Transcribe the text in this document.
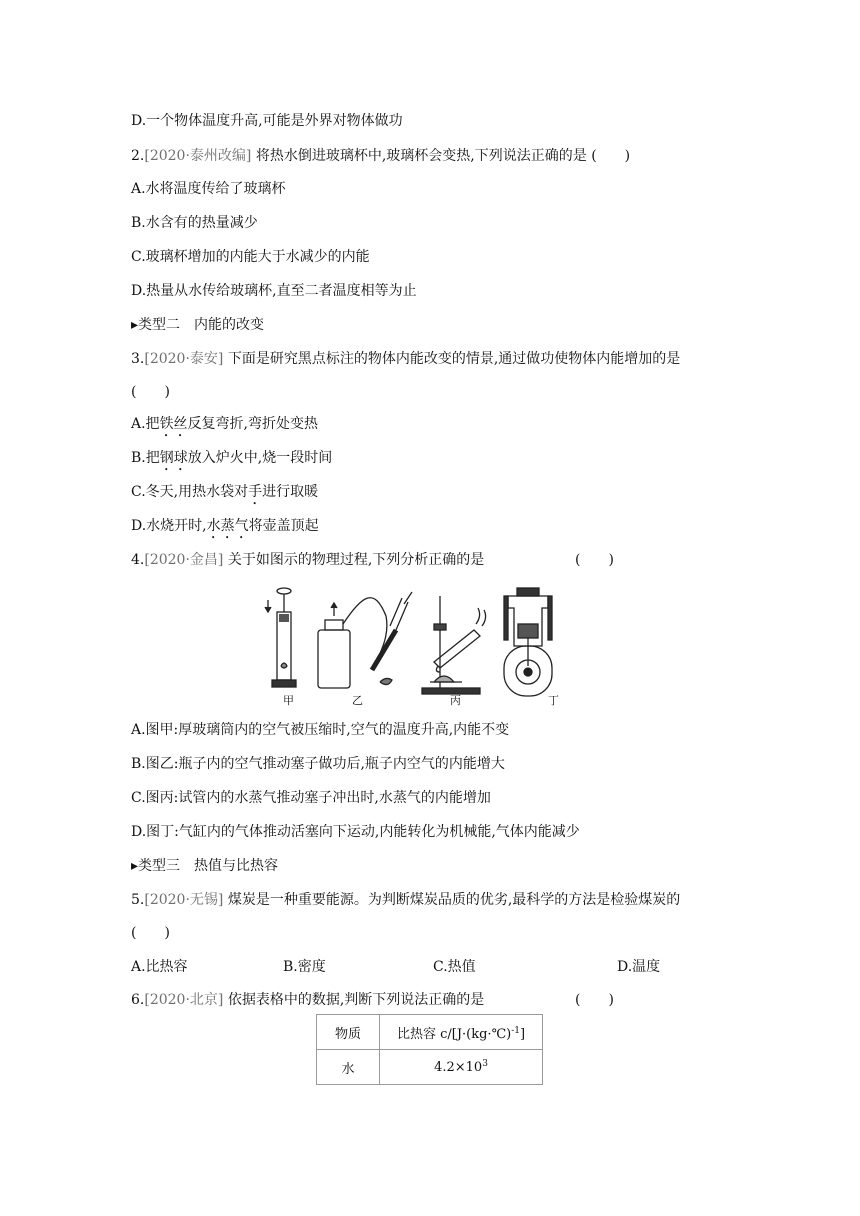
D.一个物体温度升高,可能是外界对物体做功
2.[2020·泰州改编] 将热水倒进玻璃杯中,玻璃杯会变热,下列说法正确的是 (　　)
A.水将温度传给了玻璃杯
B.水含有的热量减少
C.玻璃杯增加的内能大于水减少的内能
D.热量从水传给玻璃杯,直至二者温度相等为止
▸类型二　内能的改变
3.[2020·泰安] 下面是研究黑点标注的物体内能改变的情景,通过做功使物体内能增加的是
(　　)
A.把铁丝反复弯折,弯折处变热
B.把钢球放入炉火中,烧一段时间
C.冬天,用热水袋对手进行取暖
D.水烧开时,水蒸气将壶盖顶起
4.[2020·金昌] 关于如图示的物理过程,下列分析正确的是	(　　)
甲	乙	丙	丁
A.图甲:厚玻璃筒内的空气被压缩时,空气的温度升高,内能不变
B.图乙:瓶子内的空气推动塞子做功后,瓶子内空气的内能增大
C.图丙:试管内的水蒸气推动塞子冲出时,水蒸气的内能增加
D.图丁:气缸内的气体推动活塞向下运动,内能转化为机械能,气体内能减少
▸类型三　热值与比热容
5.[2020·无锡] 煤炭是一种重要能源。为判断煤炭品质的优劣,最科学的方法是检验煤炭的
(　　)
A.比热容	B.密度	C.热值	D.温度
6.[2020·北京] 依据表格中的数据,判断下列说法正确的是	(　　)
物质	比热容 c/[J·(kg·℃)$^{-1}$]
水	$4.2\times 10^3$
